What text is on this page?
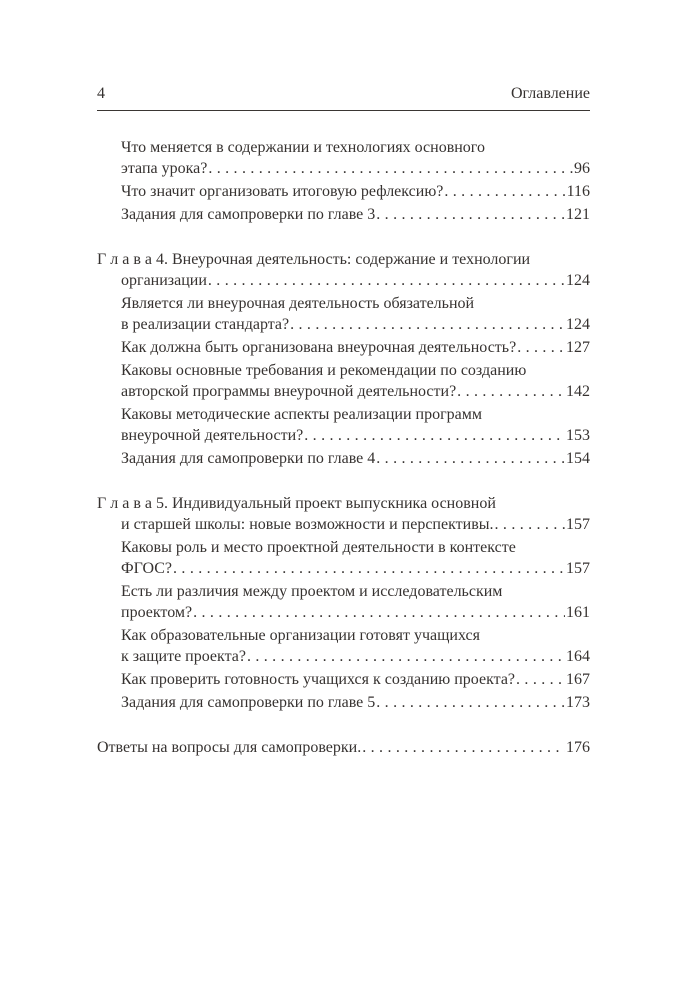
4	Оглавление
Что меняется в содержании и технологиях основного
этапа урока? . . .	96
Что значит организовать итоговую рефлексию? . . .	116
Задания для самопроверки по главе 3 . . .	121
Г л а в а 4. Внеурочная деятельность: содержание и технологии
организации . . .	124
Является ли внеурочная деятельность обязательной
в реализации стандарта? . . .	124
Как должна быть организована внеурочная деятельность? . . .	127
Каковы основные требования и рекомендации по созданию
авторской программы внеурочной деятельности? . . .	142
Каковы методические аспекты реализации программ
внеурочной деятельности? . . .	153
Задания для самопроверки по главе 4 . . .	154
Г л а в а 5. Индивидуальный проект выпускника основной
и старшей школы: новые возможности и перспективы. . . .	157
Каковы роль и место проектной деятельности в контексте
ФГОС? . . .	157
Есть ли различия между проектом и исследовательским
проектом? . . .	161
Как образовательные организации готовят учащихся
к защите проекта? . . .	164
Как проверить готовность учащихся к созданию проекта? . . .	167
Задания для самопроверки по главе 5 . . .	173
Ответы на вопросы для самопроверки. . . .	176
